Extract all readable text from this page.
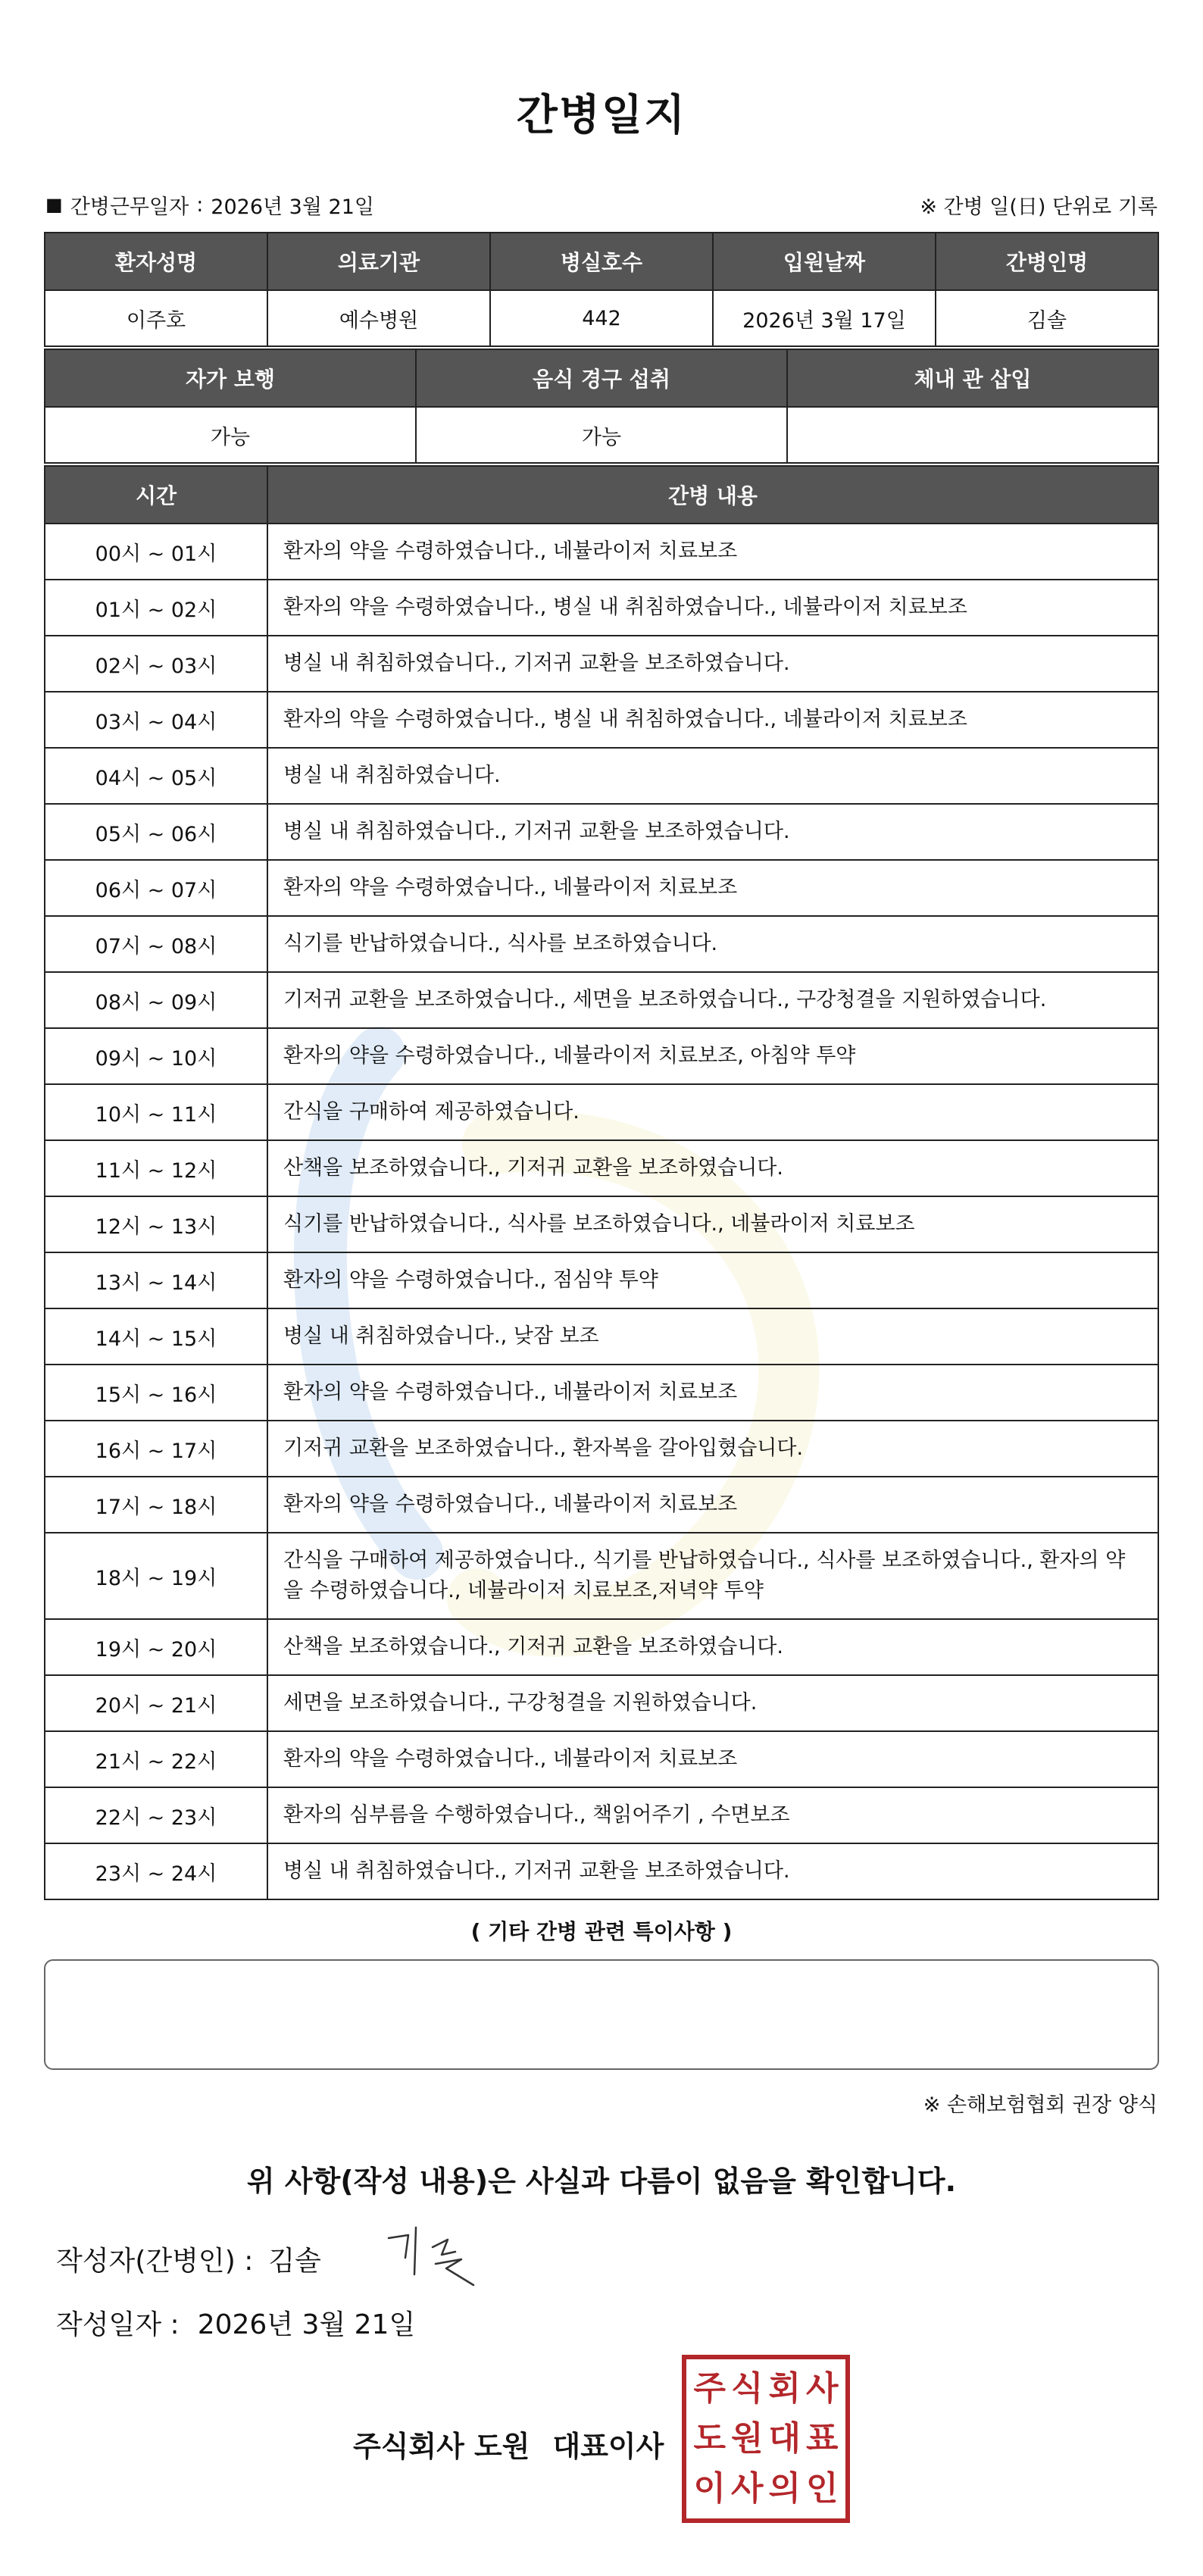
간병일지
■ 간병근무일자 : 2026년 3월 21일	※ 간병 일(日) 단위로 기록
환자성명	의료기관	병실호수	입원날짜	간병인명
이주호	예수병원	442	2026년 3월 17일	김솔
자가 보행	음식 경구 섭취	체내 관 삽입
가능	가능	
시간	간병 내용
00시 ~ 01시	환자의 약을 수령하였습니다., 네뷸라이저 치료보조
01시 ~ 02시	환자의 약을 수령하였습니다., 병실 내 취침하였습니다., 네뷸라이저 치료보조
02시 ~ 03시	병실 내 취침하였습니다., 기저귀 교환을 보조하였습니다.
03시 ~ 04시	환자의 약을 수령하였습니다., 병실 내 취침하였습니다., 네뷸라이저 치료보조
04시 ~ 05시	병실 내 취침하였습니다.
05시 ~ 06시	병실 내 취침하였습니다., 기저귀 교환을 보조하였습니다.
06시 ~ 07시	환자의 약을 수령하였습니다., 네뷸라이저 치료보조
07시 ~ 08시	식기를 반납하였습니다., 식사를 보조하였습니다.
08시 ~ 09시	기저귀 교환을 보조하였습니다., 세면을 보조하였습니다., 구강청결을 지원하였습니다.
09시 ~ 10시	환자의 약을 수령하였습니다., 네뷸라이저 치료보조, 아침약 투약
10시 ~ 11시	간식을 구매하여 제공하였습니다.
11시 ~ 12시	산책을 보조하였습니다., 기저귀 교환을 보조하였습니다.
12시 ~ 13시	식기를 반납하였습니다., 식사를 보조하였습니다., 네뷸라이저 치료보조
13시 ~ 14시	환자의 약을 수령하였습니다., 점심약 투약
14시 ~ 15시	병실 내 취침하였습니다., 낮잠 보조
15시 ~ 16시	환자의 약을 수령하였습니다., 네뷸라이저 치료보조
16시 ~ 17시	기저귀 교환을 보조하였습니다., 환자복을 갈아입혔습니다.
17시 ~ 18시	환자의 약을 수령하였습니다., 네뷸라이저 치료보조
18시 ~ 19시	간식을 구매하여 제공하였습니다., 식기를 반납하였습니다., 식사를 보조하였습니다., 환자의 약을 수령하였습니다., 네뷸라이저 치료보조,저녁약 투약
19시 ~ 20시	산책을 보조하였습니다., 기저귀 교환을 보조하였습니다.
20시 ~ 21시	세면을 보조하였습니다., 구강청결을 지원하였습니다.
21시 ~ 22시	환자의 약을 수령하였습니다., 네뷸라이저 치료보조
22시 ~ 23시	환자의 심부름을 수행하였습니다., 책읽어주기 , 수면보조
23시 ~ 24시	병실 내 취침하였습니다., 기저귀 교환을 보조하였습니다.
( 기타 간병 관련 특이사항 )
※ 손해보험협회 권장 양식
위 사항(작성 내용)은 사실과 다름이 없음을 확인합니다.
작성자(간병인) : 김솔
작성일자 : 2026년 3월 21일
주식회사 도원 대표이사
주 식 회 사
도 원 대 표
이 사 의 인
